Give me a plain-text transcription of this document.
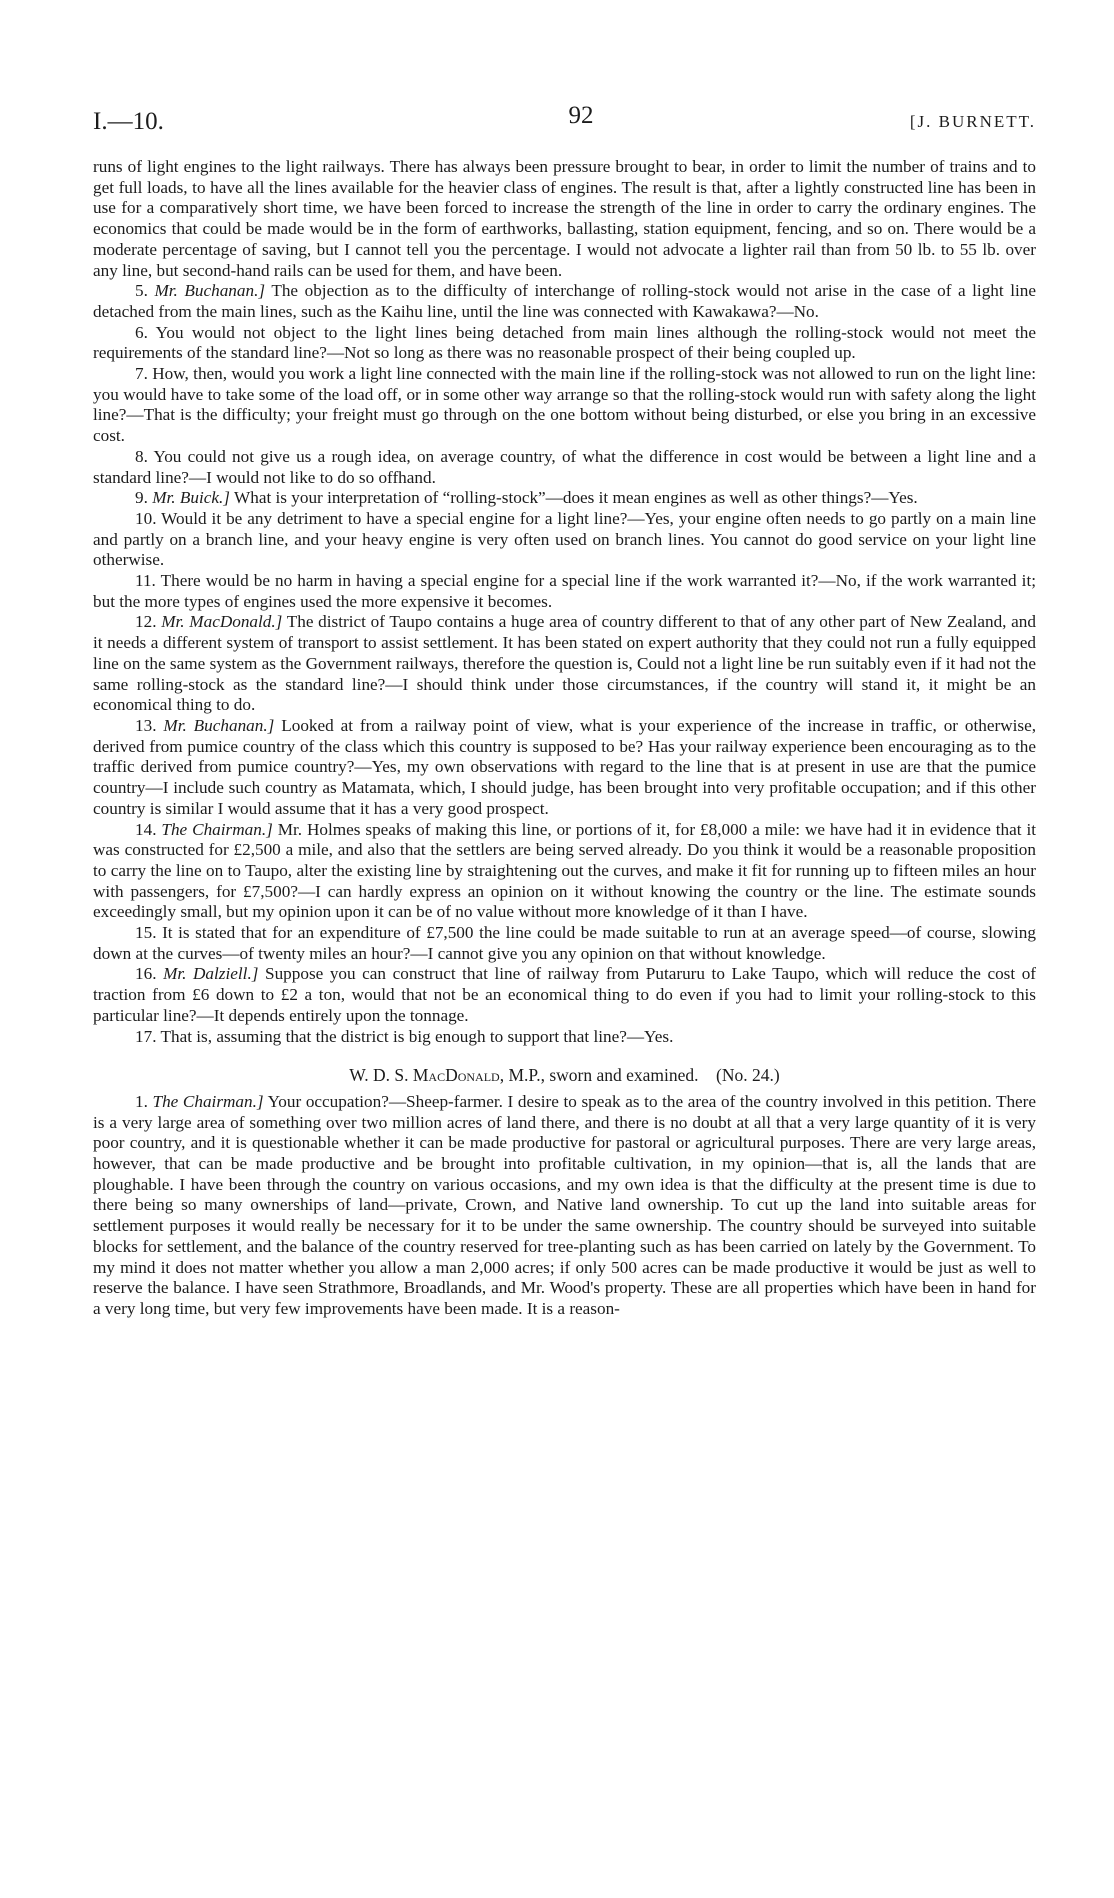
I.—10.	92	[J. BURNETT.

runs of light engines to the light railways. There has always been pressure brought to bear, in order to limit the number of trains and to get full loads, to have all the lines available for the heavier class of engines. The result is that, after a lightly constructed line has been in use for a comparatively short time, we have been forced to increase the strength of the line in order to carry the ordinary engines. The economics that could be made would be in the form of earthworks, ballasting, station equipment, fencing, and so on. There would be a moderate percentage of saving, but I cannot tell you the percentage. I would not advocate a lighter rail than from 50 lb. to 55 lb. over any line, but second-hand rails can be used for them, and have been.

5. Mr. Buchanan.] The objection as to the difficulty of interchange of rolling-stock would not arise in the case of a light line detached from the main lines, such as the Kaihu line, until the line was connected with Kawakawa?—No.

6. You would not object to the light lines being detached from main lines although the rolling-stock would not meet the requirements of the standard line?—Not so long as there was no reasonable prospect of their being coupled up.

7. How, then, would you work a light line connected with the main line if the rolling-stock was not allowed to run on the light line: you would have to take some of the load off, or in some other way arrange so that the rolling-stock would run with safety along the light line?—That is the difficulty; your freight must go through on the one bottom without being disturbed, or else you bring in an excessive cost.

8. You could not give us a rough idea, on average country, of what the difference in cost would be between a light line and a standard line?—I would not like to do so offhand.

9. Mr. Buick.] What is your interpretation of “rolling-stock”—does it mean engines as well as other things?—Yes.

10. Would it be any detriment to have a special engine for a light line?—Yes, your engine often needs to go partly on a main line and partly on a branch line, and your heavy engine is very often used on branch lines. You cannot do good service on your light line otherwise.

11. There would be no harm in having a special engine for a special line if the work warranted it?—No, if the work warranted it; but the more types of engines used the more expensive it becomes.

12. Mr. MacDonald.] The district of Taupo contains a huge area of country different to that of any other part of New Zealand, and it needs a different system of transport to assist settlement. It has been stated on expert authority that they could not run a fully equipped line on the same system as the Government railways, therefore the question is, Could not a light line be run suitably even if it had not the same rolling-stock as the standard line?—I should think under those circumstances, if the country will stand it, it might be an economical thing to do.

13. Mr. Buchanan.] Looked at from a railway point of view, what is your experience of the increase in traffic, or otherwise, derived from pumice country of the class which this country is supposed to be? Has your railway experience been encouraging as to the traffic derived from pumice country?—Yes, my own observations with regard to the line that is at present in use are that the pumice country—I include such country as Matamata, which, I should judge, has been brought into very profitable occupation; and if this other country is similar I would assume that it has a very good prospect.

14. The Chairman.] Mr. Holmes speaks of making this line, or portions of it, for £8,000 a mile: we have had it in evidence that it was constructed for £2,500 a mile, and also that the settlers are being served already. Do you think it would be a reasonable proposition to carry the line on to Taupo, alter the existing line by straightening out the curves, and make it fit for running up to fifteen miles an hour with passengers, for £7,500?—I can hardly express an opinion on it without knowing the country or the line. The estimate sounds exceedingly small, but my opinion upon it can be of no value without more knowledge of it than I have.

15. It is stated that for an expenditure of £7,500 the line could be made suitable to run at an average speed—of course, slowing down at the curves—of twenty miles an hour?—I cannot give you any opinion on that without knowledge.

16. Mr. Dalziell.] Suppose you can construct that line of railway from Putaruru to Lake Taupo, which will reduce the cost of traction from £6 down to £2 a ton, would that not be an economical thing to do even if you had to limit your rolling-stock to this particular line?—It depends entirely upon the tonnage.

17. That is, assuming that the district is big enough to support that line?—Yes.

W. D. S. MacDonald, M.P., sworn and examined. (No. 24.)

1. The Chairman.] Your occupation?—Sheep-farmer. I desire to speak as to the area of the country involved in this petition. There is a very large area of something over two million acres of land there, and there is no doubt at all that a very large quantity of it is very poor country, and it is questionable whether it can be made productive for pastoral or agricultural purposes. There are very large areas, however, that can be made productive and be brought into profitable cultivation, in my opinion—that is, all the lands that are ploughable. I have been through the country on various occasions, and my own idea is that the difficulty at the present time is due to there being so many ownerships of land—private, Crown, and Native land ownership. To cut up the land into suitable areas for settlement purposes it would really be necessary for it to be under the same ownership. The country should be surveyed into suitable blocks for settlement, and the balance of the country reserved for tree-planting such as has been carried on lately by the Government. To my mind it does not matter whether you allow a man 2,000 acres; if only 500 acres can be made productive it would be just as well to reserve the balance. I have seen Strathmore, Broadlands, and Mr. Wood's property. These are all properties which have been in hand for a very long time, but very few improvements have been made. It is a reason-
